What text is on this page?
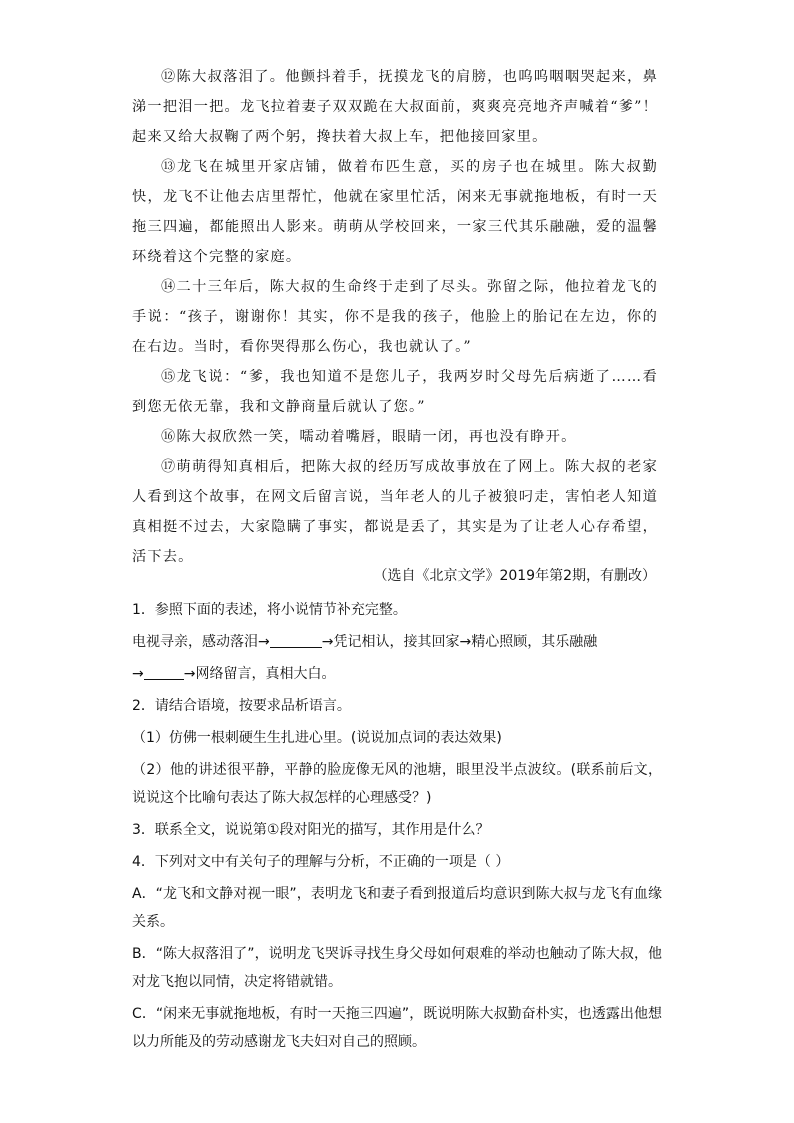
⑫陈大叔落泪了。他颤抖着手，抚摸龙飞的肩膀，也呜呜咽咽哭起来，鼻涕一把泪一把。龙飞拉着妻子双双跪在大叔面前，爽爽亮亮地齐声喊着“爹”！起来又给大叔鞠了两个躬，搀扶着大叔上车，把他接回家里。

⑬龙飞在城里开家店铺，做着布匹生意，买的房子也在城里。陈大叔勤快，龙飞不让他去店里帮忙，他就在家里忙活，闲来无事就拖地板，有时一天拖三四遍，都能照出人影来。萌萌从学校回来，一家三代其乐融融，爱的温馨环绕着这个完整的家庭。

⑭二十三年后，陈大叔的生命终于走到了尽头。弥留之际，他拉着龙飞的手说：“孩子，谢谢你！其实，你不是我的孩子，他脸上的胎记在左边，你的在右边。当时，看你哭得那么伤心，我也就认了。”

⑮龙飞说：“爹，我也知道不是您儿子，我两岁时父母先后病逝了……看到您无依无靠，我和文静商量后就认了您。”

⑯陈大叔欣然一笑，嚅动着嘴唇，眼睛一闭，再也没有睁开。

⑰萌萌得知真相后，把陈大叔的经历写成故事放在了网上。陈大叔的老家人看到这个故事，在网文后留言说，当年老人的儿子被狼叼走，害怕老人知道真相挺不过去，大家隐瞒了事实，都说是丢了，其实是为了让老人心存希望，活下去。

（选自《北京文学》2019年第2期，有删改）
1．参照下面的表述，将小说情节补充完整。
电视寻亲，感动落泪→	→凭记相认，接其回家→精心照顾，其乐融融
→	→网络留言，真相大白。
2．请结合语境，按要求品析语言。
（1）仿佛一根刺硬生生扎进心里。(说说加点词的表达效果)
（2）他的讲述很平静，平静的脸庞像无风的池塘，眼里没半点波纹。(联系前后文，说说这个比喻句表达了陈大叔怎样的心理感受？)
3．联系全文，说说第①段对阳光的描写，其作用是什么？
4．下列对文中有关句子的理解与分析，不正确的一项是（ ）
A．“龙飞和文静对视一眼”，表明龙飞和妻子看到报道后均意识到陈大叔与龙飞有血缘关系。
B．“陈大叔落泪了”，说明龙飞哭诉寻找生身父母如何艰难的举动也触动了陈大叔，他对龙飞抱以同情，决定将错就错。
C．“闲来无事就拖地板，有时一天拖三四遍”，既说明陈大叔勤奋朴实，也透露出他想以力所能及的劳动感谢龙飞夫妇对自己的照顾。
